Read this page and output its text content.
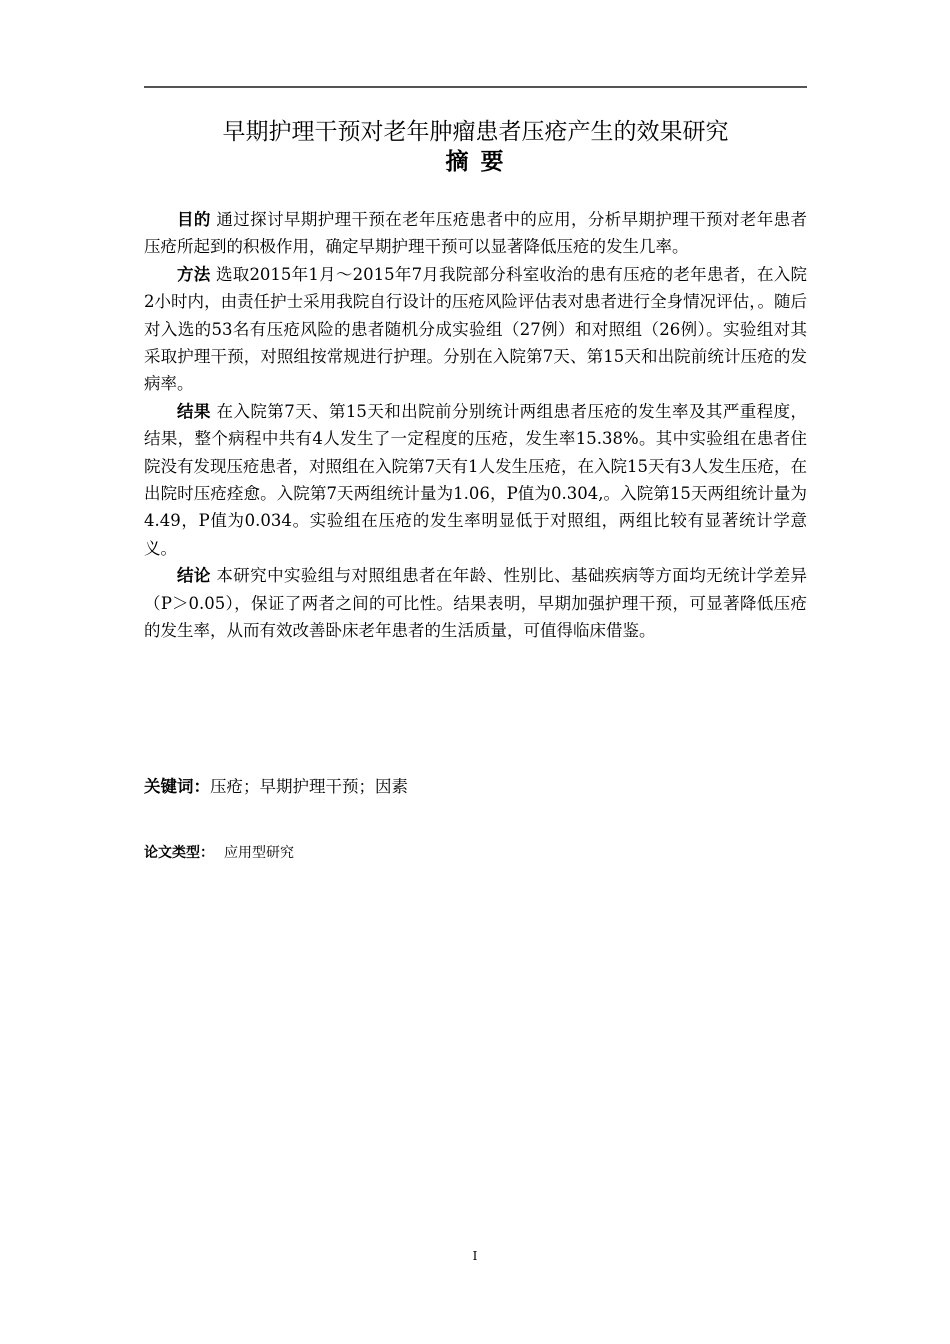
早期护理干预对老年肿瘤患者压疮产生的效果研究
摘 要

目的 通过探讨早期护理干预在老年压疮患者中的应用，分析早期护理干预对老年患者压疮所起到的积极作用，确定早期护理干预可以显著降低压疮的发生几率。

方法 选取2015年1月～2015年7月我院部分科室收治的患有压疮的老年患者，在入院2小时内，由责任护士采用我院自行设计的压疮风险评估表对患者进行全身情况评估，。随后对入选的53名有压疮风险的患者随机分成实验组（27例）和对照组（26例）。实验组对其采取护理干预，对照组按常规进行护理。分别在入院第7天、第15天和出院前统计压疮的发病率。

结果 在入院第7天、第15天和出院前分别统计两组患者压疮的发生率及其严重程度，结果，整个病程中共有4人发生了一定程度的压疮，发生率15.38%。其中实验组在患者住院没有发现压疮患者，对照组在入院第7天有1人发生压疮，在入院15天有3人发生压疮，在出院时压疮痊愈。入院第7天两组统计量为1.06，P值为0.304,。入院第15天两组统计量为4.49，P值为0.034。实验组在压疮的发生率明显低于对照组，两组比较有显著统计学意义。

结论 本研究中实验组与对照组患者在年龄、性别比、基础疾病等方面均无统计学差异（P＞0.05），保证了两者之间的可比性。结果表明，早期加强护理干预，可显著降低压疮的发生率，从而有效改善卧床老年患者的生活质量，可值得临床借鉴。

关键词：压疮；早期护理干预；因素
论文类型： 应用型研究
I
